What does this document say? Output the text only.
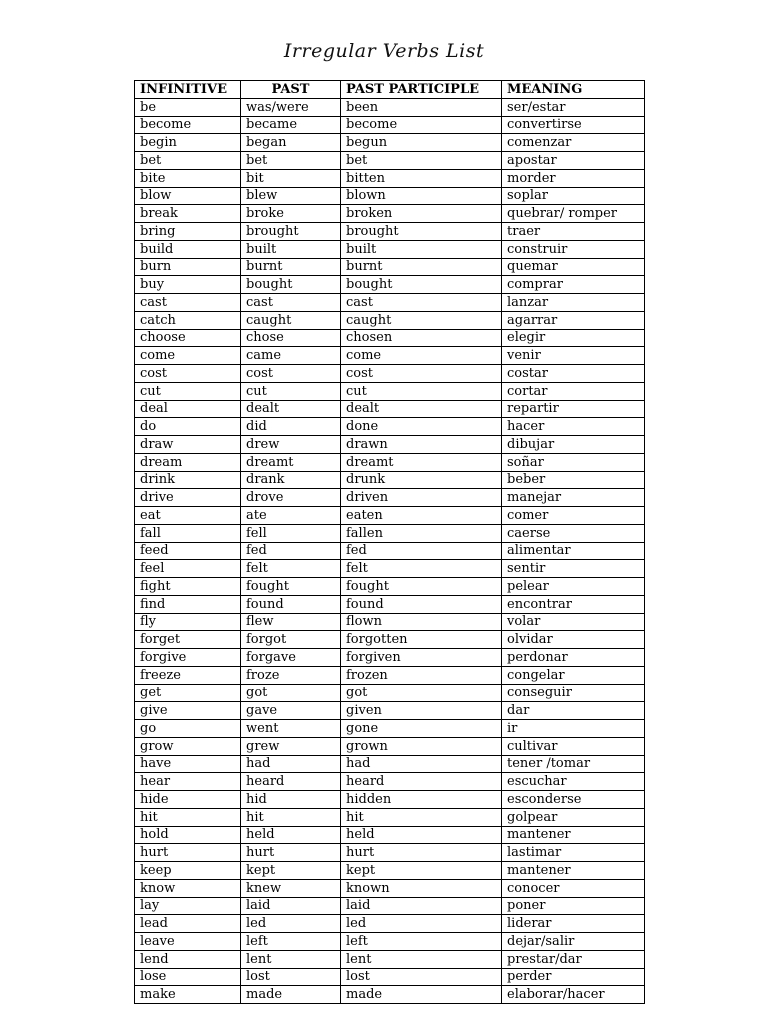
Irregular Verbs List
INFINITIVE	PAST	PAST PARTICIPLE	MEANING
be	was/were	been	ser/estar
become	became	become	convertirse
begin	began	begun	comenzar
bet	bet	bet	apostar
bite	bit	bitten	morder
blow	blew	blown	soplar
break	broke	broken	quebrar/ romper
bring	brought	brought	traer
build	built	built	construir
burn	burnt	burnt	quemar
buy	bought	bought	comprar
cast	cast	cast	lanzar
catch	caught	caught	agarrar
choose	chose	chosen	elegir
come	came	come	venir
cost	cost	cost	costar
cut	cut	cut	cortar
deal	dealt	dealt	repartir
do	did	done	hacer
draw	drew	drawn	dibujar
dream	dreamt	dreamt	soñar
drink	drank	drunk	beber
drive	drove	driven	manejar
eat	ate	eaten	comer
fall	fell	fallen	caerse
feed	fed	fed	alimentar
feel	felt	felt	sentir
fight	fought	fought	pelear
find	found	found	encontrar
fly	flew	flown	volar
forget	forgot	forgotten	olvidar
forgive	forgave	forgiven	perdonar
freeze	froze	frozen	congelar
get	got	got	conseguir
give	gave	given	dar
go	went	gone	ir
grow	grew	grown	cultivar
have	had	had	tener /tomar
hear	heard	heard	escuchar
hide	hid	hidden	esconderse
hit	hit	hit	golpear
hold	held	held	mantener
hurt	hurt	hurt	lastimar
keep	kept	kept	mantener
know	knew	known	conocer
lay	laid	laid	poner
lead	led	led	liderar
leave	left	left	dejar/salir
lend	lent	lent	prestar/dar
lose	lost	lost	perder
make	made	made	elaborar/hacer
